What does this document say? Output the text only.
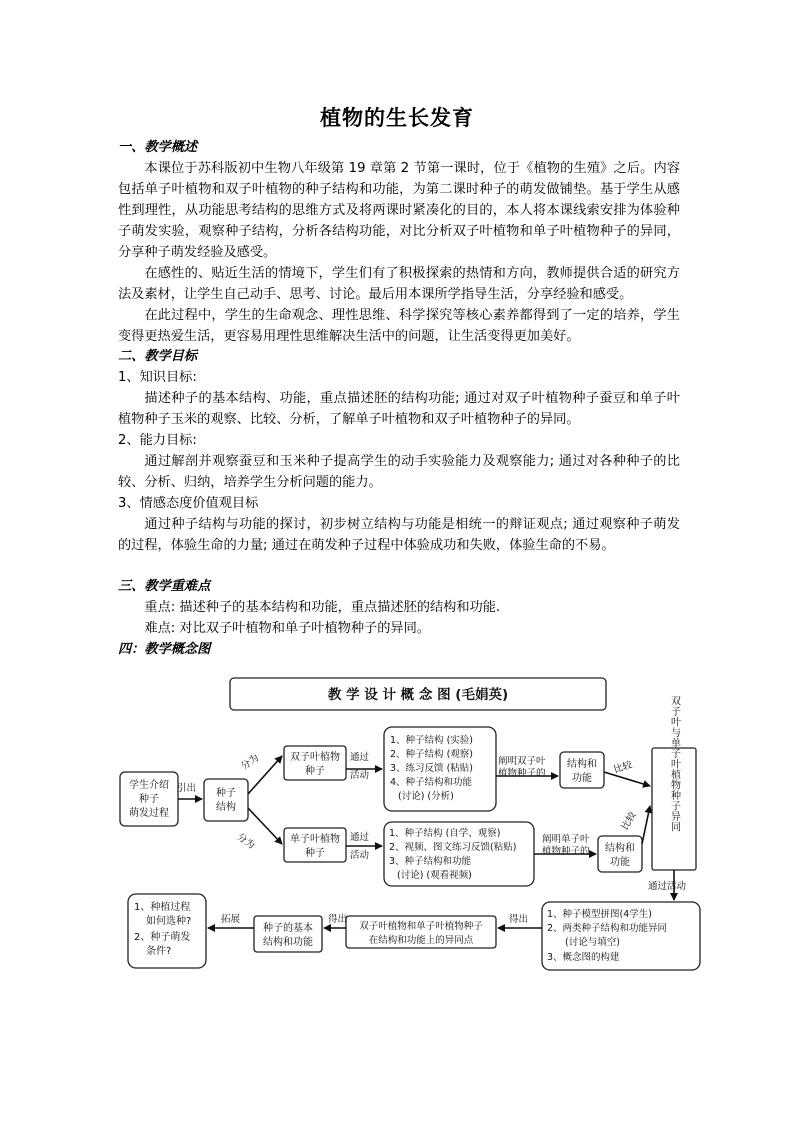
植物的生长发育
一、教学概述
本课位于苏科版初中生物八年级第 19 章第 2 节第一课时，位于《植物的生殖》之后。内容包括单子叶植物和双子叶植物的种子结构和功能，为第二课时种子的萌发做铺垫。基于学生从感性到理性，从功能思考结构的思维方式及将两课时紧凑化的目的，本人将本课线索安排为体验种子萌发实验，观察种子结构，分析各结构功能，对比分析双子叶植物和单子叶植物种子的异同，分享种子萌发经验及感受。
在感性的、贴近生活的情境下，学生们有了积极探索的热情和方向，教师提供合适的研究方法及素材，让学生自己动手、思考、讨论。最后用本课所学指导生活，分享经验和感受。
在此过程中，学生的生命观念、理性思维、科学探究等核心素养都得到了一定的培养，学生变得更热爱生活，更容易用理性思维解决生活中的问题，让生活变得更加美好。
二、教学目标
1、知识目标:
描述种子的基本结构、功能，重点描述胚的结构功能; 通过对双子叶植物种子蚕豆和单子叶植物种子玉米的观察、比较、分析，了解单子叶植物和双子叶植物种子的异同。
2、能力目标:
通过解剖并观察蚕豆和玉米种子提高学生的动手实验能力及观察能力; 通过对各种种子的比较、分析、归纳，培养学生分析问题的能力。
3、情感态度价值观目标
通过种子结构与功能的探讨，初步树立结构与功能是相统一的辩证观点; 通过观察种子萌发的过程，体验生命的力量; 通过在萌发种子过程中体验成功和失败，体验生命的不易。
三、教学重难点
重点: 描述种子的基本结构和功能，重点描述胚的结构和功能.
难点: 对比双子叶植物和单子叶植物种子的异同。
四：教学概念图
教 学 设 计 概 念 图 (毛娟英)
学生介绍
种子
萌发过程
引出 种子
结构
分为
分为
双子叶植物
种子
单子叶植物
种子
通过
活动
通过
活动
1、种子结构 (实验)
2、种子结构 (观察)
3、练习反馈 (粘贴)
4、种子结构和功能
(讨论) (分析)
1、种子结构 (自学、观察)
2、视频、图文练习反馈(粘贴)
3、种子结构和功能
(讨论) (观看视频)
阐明双子叶
植物种子的
阐明单子叶
植物种子的
结构和
功能
结构和
功能
比较
比较	双子叶与单子叶植物种子异同
通过活动
1、种子模型拼图(4学生)
2、两类种子结构和功能异同
(讨论与填空)
3、概念图的构建
得出
双子叶植物和单子叶植物种子
在结构和功能上的异同点
得出
种子的基本
结构和功能
拓展
1、种植过程
如何选种?
2、种子萌发
条件?
